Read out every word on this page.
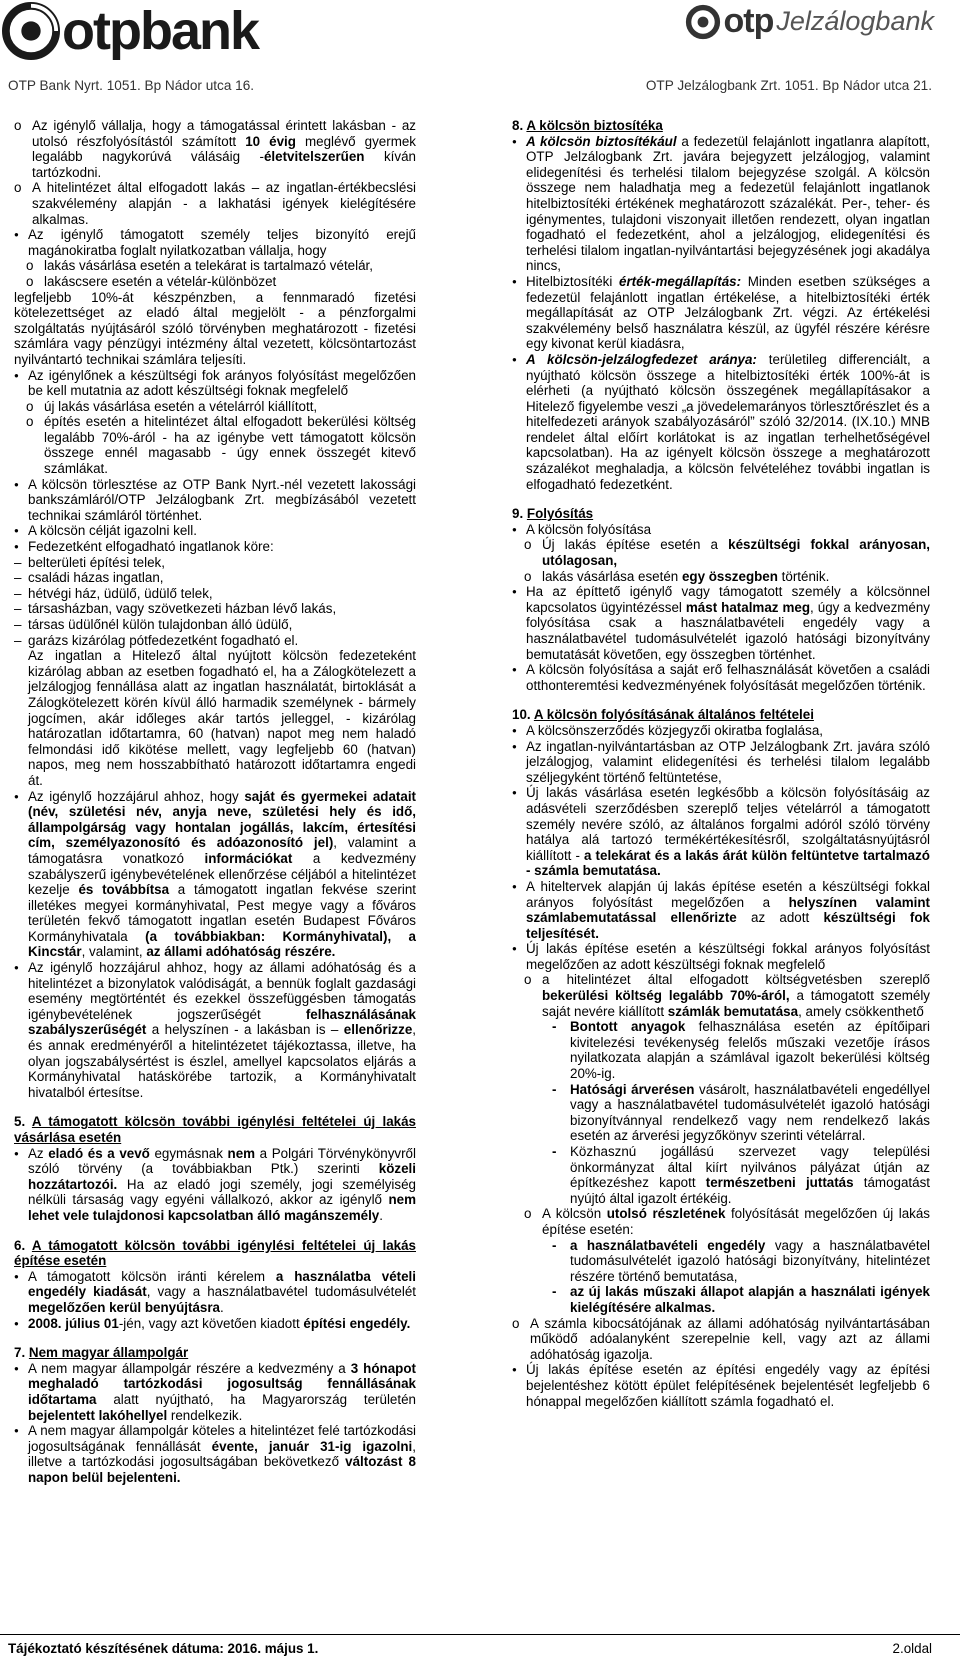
otpbank	otp Jelzálogbank
OTP Bank Nyrt. 1051. Bp Nádor utca 16.	OTP Jelzálogbank Zrt. 1051. Bp Nádor utca 21.

o Az igénylő vállalja, hogy a támogatással érintett lakásban - az utolsó részfolyósítástól számított 10 évig meglévő gyermek legalább nagykorúvá válásáig -életvitelszerűen kíván tartózkodni.

o A hitelintézet által elfogadott lakás – az ingatlan-értékbecslési szakvélemény alapján - a lakhatási igények kielégítésére alkalmas.

● Az igénylő támogatott személy teljes bizonyító erejű magánokiratba foglalt nyilatkozatban vállalja, hogy

o lakás vásárlása esetén a telekárat is tartalmazó vételár,

o lakáscsere esetén a vételár-különbözet

legfeljebb 10%-át készpénzben, a fennmaradó fizetési kötelezettséget az eladó által megjelölt - a pénzforgalmi szolgáltatás nyújtásáról szóló törvényben meghatározott - fizetési számlára vagy pénzügyi intézmény által vezetett, kölcsöntartozást nyilvántartó technikai számlára teljesíti.

● Az igénylőnek a készültségi fok arányos folyósítást megelőzően be kell mutatnia az adott készültségi foknak megfelelő

o új lakás vásárlása esetén a vételárról kiállított,

o építés esetén a hitelintézet által elfogadott bekerülési költség legalább 70%-áról - ha az igénybe vett támogatott kölcsön összege ennél magasabb - úgy ennek összegét kitevő számlákat.

● A kölcsön törlesztése az OTP Bank Nyrt.-nél vezetett lakossági bankszámláról/OTP Jelzálogbank Zrt. megbízásából vezetett technikai számláról történhet.

● A kölcsön célját igazolni kell.

● Fedezetként elfogadható ingatlanok köre:

– belterületi építési telek,

– családi házas ingatlan,

– hétvégi ház, üdülő, üdülő telek,

– társasházban, vagy szövetkezeti házban lévő lakás,

– társas üdülőnél külön tulajdonban álló üdülő,

– garázs kizárólag pótfedezetként fogadható el.

Az ingatlan a Hitelező által nyújtott kölcsön fedezeteként kizárólag abban az esetben fogadható el, ha a Zálogkötelezett a jelzálogjog fennállása alatt az ingatlan használatát, birtoklását a Zálogkötelezett körén kívül álló harmadik személynek - bármely jogcímen, akár időleges akár tartós jelleggel, - kizárólag határozatlan időtartamra, 60 (hatvan) napot meg nem haladó felmondási idő kikötése mellett, vagy legfeljebb 60 (hatvan) napos, meg nem hosszabbítható határozott időtartamra engedi át.

● Az igénylő hozzájárul ahhoz, hogy saját és gyermekei adatait (név, születési név, anyja neve, születési hely és idő, állampolgárság vagy hontalan jogállás, lakcím, értesítési cím, személyazonosító és adóazonosító jel), valamint a támogatásra vonatkozó információkat a kedvezmény szabályszerű igénybevételének ellenőrzése céljából a hitelintézet kezelje és továbbítsa a támogatott ingatlan fekvése szerint illetékes megyei kormányhivatal, Pest megye vagy a főváros területén fekvő támogatott ingatlan esetén Budapest Főváros Kormányhivatala (a továbbiakban: Kormányhivatal), a Kincstár, valamint, az állami adóhatóság részére.

● Az igénylő hozzájárul ahhoz, hogy az állami adóhatóság és a hitelintézet a bizonylatok valódiságát, a bennük foglalt gazdasági esemény megtörténtét és ezekkel összefüggésben támogatás igénybevételének jogszerűségét felhasználásának szabályszerűségét a helyszínen - a lakásban is – ellenőrizze, és annak eredményéről a hitelintézetet tájékoztassa, illetve, ha olyan jogszabálysértést is észlel, amellyel kapcsolatos eljárás a Kormányhivatal hatáskörébe tartozik, a Kormányhivatalt hivatalból értesítse.

5. A támogatott kölcsön további igénylési feltételei új lakás vásárlása esetén

● Az eladó és a vevő egymásnak nem a Polgári Törvénykönyvről szóló törvény (a továbbiakban Ptk.) szerinti közeli hozzátartozói. Ha az eladó jogi személy, jogi személyiség nélküli társaság vagy egyéni vállalkozó, akkor az igénylő nem lehet vele tulajdonosi kapcsolatban álló magánszemély.

6. A támogatott kölcsön további igénylési feltételei új lakás építése esetén

● A támogatott kölcsön iránti kérelem a használatba vételi engedély kiadását, vagy a használatbavétel tudomásulvételét megelőzően kerül benyújtásra.

● 2008. július 01-jén, vagy azt követően kiadott építési engedély.

7. Nem magyar állampolgár

● A nem magyar állampolgár részére a kedvezmény a 3 hónapot meghaladó tartózkodási jogosultság fennállásának időtartama alatt nyújtható, ha Magyarország területén bejelentett lakóhellyel rendelkezik.

● A nem magyar állampolgár köteles a hitelintézet felé tartózkodási jogosultságának fennállását évente, január 31-ig igazolni, illetve a tartózkodási jogosultságában bekövetkező változást 8 napon belül bejelenteni.

8. A kölcsön biztosítéka

● A kölcsön biztosítékául a fedezetül felajánlott ingatlanra alapított, OTP Jelzálogbank Zrt. javára bejegyzett jelzálogjog, valamint elidegenítési és terhelési tilalom bejegyzése szolgál. A kölcsön összege nem haladhatja meg a fedezetül felajánlott ingatlanok hitelbiztosítéki értékének meghatározott százalékát. Per-, teher- és igénymentes, tulajdoni viszonyait illetően rendezett, olyan ingatlan fogadható el fedezetként, ahol a jelzálogjog, elidegenítési és terhelési tilalom ingatlan-nyilvántartási bejegyzésének jogi akadálya nincs,

● Hitelbiztosítéki érték-megállapítás: Minden esetben szükséges a fedezetül felajánlott ingatlan értékelése, a hitelbiztosítéki érték megállapítását az OTP Jelzálogbank Zrt. végzi. Az értékelési szakvélemény belső használatra készül, az ügyfél részére kérésre egy kivonat kerül kiadásra,

● A kölcsön-jelzálogfedezet aránya: területileg differenciált, a nyújtható kölcsön összege a hitelbiztosítéki érték 100%-át is elérheti (a nyújtható kölcsön összegének megállapításakor a Hitelező figyelembe veszi „a jövedelemarányos törlesztőrészlet és a hitelfedezeti arányok szabályozásáról” szóló 32/2014. (IX.10.) MNB rendelet által előírt korlátokat is az ingatlan terhelhetőségével kapcsolatban). Ha az igényelt kölcsön összege a meghatározott százalékot meghaladja, a kölcsön felvételéhez további ingatlan is elfogadható fedezetként.

9. Folyósítás

● A kölcsön folyósítása

o Új lakás építése esetén a készültségi fokkal arányosan, utólagosan,

o lakás vásárlása esetén egy összegben történik.

● Ha az építtető igénylő vagy támogatott személy a kölcsönnel kapcsolatos ügyintézéssel mást hatalmaz meg, úgy a kedvezmény folyósítása csak a használatbavételi engedély vagy a használatbavétel tudomásulvételét igazoló hatósági bizonyítvány bemutatását követően, egy összegben történhet.

● A kölcsön folyósítása a saját erő felhasználását követően a családi otthonteremtési kedvezményének folyósítását megelőzően történik.

10. A kölcsön folyósításának általános feltételei

● A kölcsönszerződés közjegyzői okiratba foglalása,

● Az ingatlan-nyilvántartásban az OTP Jelzálogbank Zrt. javára szóló jelzálogjog, valamint elidegenítési és terhelési tilalom legalább széljegyként történő feltüntetése,

● Új lakás vásárlása esetén legkésőbb a kölcsön folyósításáig az adásvételi szerződésben szereplő teljes vételárról a támogatott személy nevére szóló, az általános forgalmi adóról szóló törvény hatálya alá tartozó termékértékesítésről, szolgáltatásnyújtásról kiállított - a telekárat és a lakás árát külön feltüntetve tartalmazó - számla bemutatása.

● A hiteltervek alapján új lakás építése esetén a készültségi fokkal arányos folyósítást megelőzően a helyszínen valamint számlabemutatással ellenőrizte az adott készültségi fok teljesítését.

● Új lakás építése esetén a készültségi fokkal arányos folyósítást megelőzően az adott készültségi foknak megfelelő

o a hitelintézet által elfogadott költségvetésben szereplő bekerülési költség legalább 70%-áról, a támogatott személy saját nevére kiállított számlák bemutatása, amely csökkenthető

- Bontott anyagok felhasználása esetén az építőipari kivitelezési tevékenység felelős műszaki vezetője írásos nyilatkozata alapján a számlával igazolt bekerülési költség 20%-ig.

- Hatósági árverésen vásárolt, használatbavételi engedéllyel vagy a használatbavétel tudomásulvételét igazoló hatósági bizonyítvánnyal rendelkező vagy nem rendelkező lakás esetén az árverési jegyzőkönyv szerinti vételárral.

- Közhasznú jogállású szervezet vagy települési önkormányzat által kiírt nyilvános pályázat útján az építkezéshez kapott természetbeni juttatás támogatást nyújtó által igazolt értékéig.

o A kölcsön utolsó részletének folyósítását megelőzően új lakás építése esetén:

- a használatbavételi engedély vagy a használatbavétel tudomásulvételét igazoló hatósági bizonyítvány, hitelintézet részére történő bemutatása,

- az új lakás műszaki állapot alapján a használati igények kielégítésére alkalmas.

o A számla kibocsátójának az állami adóhatóság nyilvántartásában működő adóalanyként szerepelnie kell, vagy azt az állami adóhatóság igazolja.

● Új lakás építése esetén az építési engedély vagy az építési bejelentéshez kötött épület felépítésének bejelentését legfeljebb 6 hónappal megelőzően kiállított számla fogadható el.

Tájékoztató készítésének dátuma: 2016. május 1.	2.oldal
